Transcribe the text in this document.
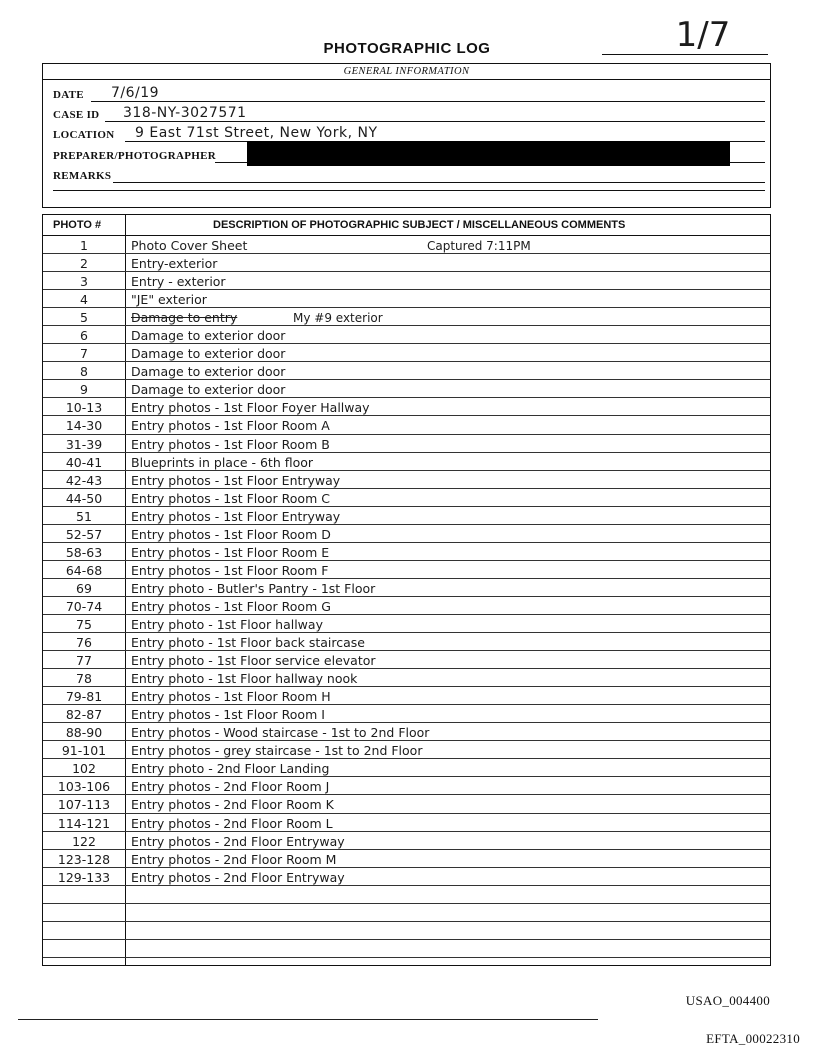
PHOTOGRAPHIC LOG	1/7
GENERAL INFORMATION
DATE 7/6/19
CASE ID 318-NY-3027571
LOCATION 9 East 71st Street, New York, NY
PREPARER/PHOTOGRAPHER
REMARKS
PHOTO #	DESCRIPTION OF PHOTOGRAPHIC SUBJECT / MISCELLANEOUS COMMENTS
1	Photo Cover Sheet	Captured 7:11PM
2	Entry-exterior
3	Entry - exterior
4	"JE" exterior
5	Damage to entry	My #9 exterior
6	Damage to exterior door
7	Damage to exterior door
8	Damage to exterior door
9	Damage to exterior door
10-13	Entry photos - 1st Floor Foyer Hallway
14-30	Entry photos - 1st Floor Room A
31-39	Entry photos - 1st Floor Room B
40-41	Blueprints in place - 6th floor
42-43	Entry photos - 1st Floor Entryway
44-50	Entry photos - 1st Floor Room C
51	Entry photos - 1st Floor Entryway
52-57	Entry photos - 1st Floor Room D
58-63	Entry photos - 1st Floor Room E
64-68	Entry photos - 1st Floor Room F
69	Entry photo - Butler's Pantry - 1st Floor
70-74	Entry photos - 1st Floor Room G
75	Entry photo - 1st Floor hallway
76	Entry photo - 1st Floor back staircase
77	Entry photo - 1st Floor service elevator
78	Entry photo - 1st Floor hallway nook
79-81	Entry photos - 1st Floor Room H
82-87	Entry photos - 1st Floor Room I
88-90	Entry photos - Wood staircase - 1st to 2nd Floor
91-101	Entry photos - grey staircase - 1st to 2nd Floor
102	Entry photo - 2nd Floor Landing
103-106	Entry photos - 2nd Floor Room J
107-113	Entry photos - 2nd Floor Room K
114-121	Entry photos - 2nd Floor Room L
122	Entry photos - 2nd Floor Entryway
123-128	Entry photos - 2nd Floor Room M
129-133	Entry photos - 2nd Floor Entryway
USAO_004400
EFTA_00022310
